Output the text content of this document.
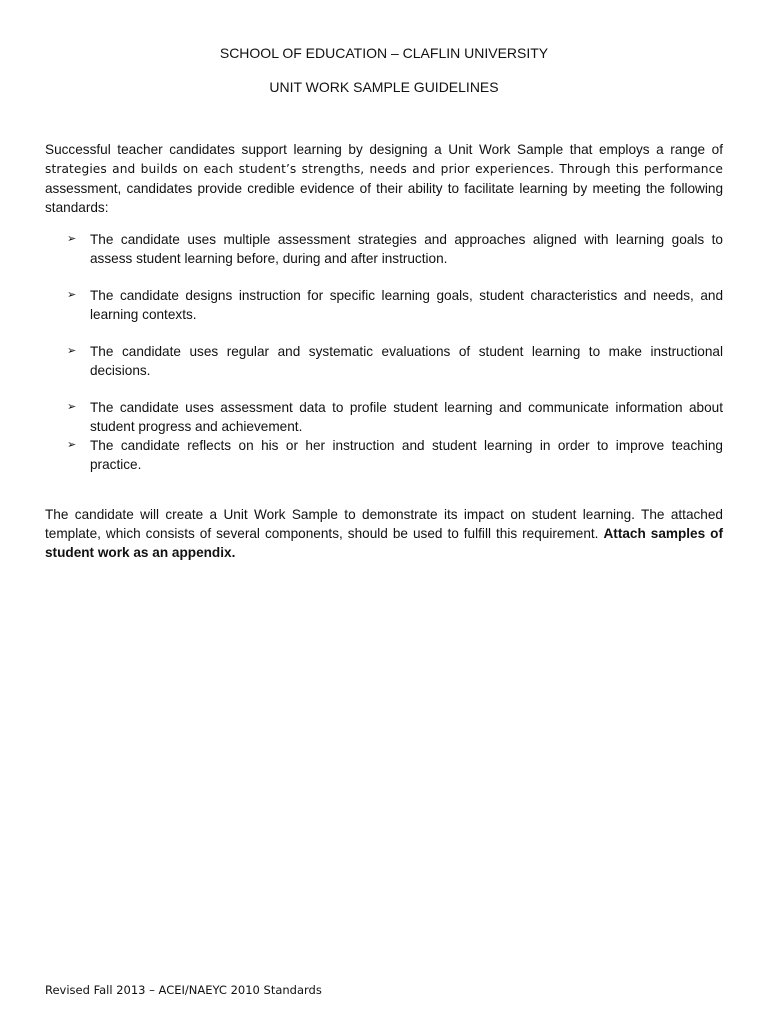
SCHOOL OF EDUCATION – CLAFLIN UNIVERSITY
UNIT WORK SAMPLE GUIDELINES

Successful teacher candidates support learning by designing a Unit Work Sample that employs a range of strategies and builds on each student’s strengths, needs and prior experiences. Through this performance assessment, candidates provide credible evidence of their ability to facilitate learning by meeting the following standards:

➢ The candidate uses multiple assessment strategies and approaches aligned with learning goals to assess student learning before, during and after instruction.
➢ The candidate designs instruction for specific learning goals, student characteristics and needs, and learning contexts.
➢ The candidate uses regular and systematic evaluations of student learning to make instructional decisions.
➢ The candidate uses assessment data to profile student learning and communicate information about student progress and achievement.
➢ The candidate reflects on his or her instruction and student learning in order to improve teaching practice.

The candidate will create a Unit Work Sample to demonstrate its impact on student learning. The attached template, which consists of several components, should be used to fulfill this requirement. Attach samples of student work as an appendix.

Revised Fall 2013 – ACEI/NAEYC 2010 Standards
